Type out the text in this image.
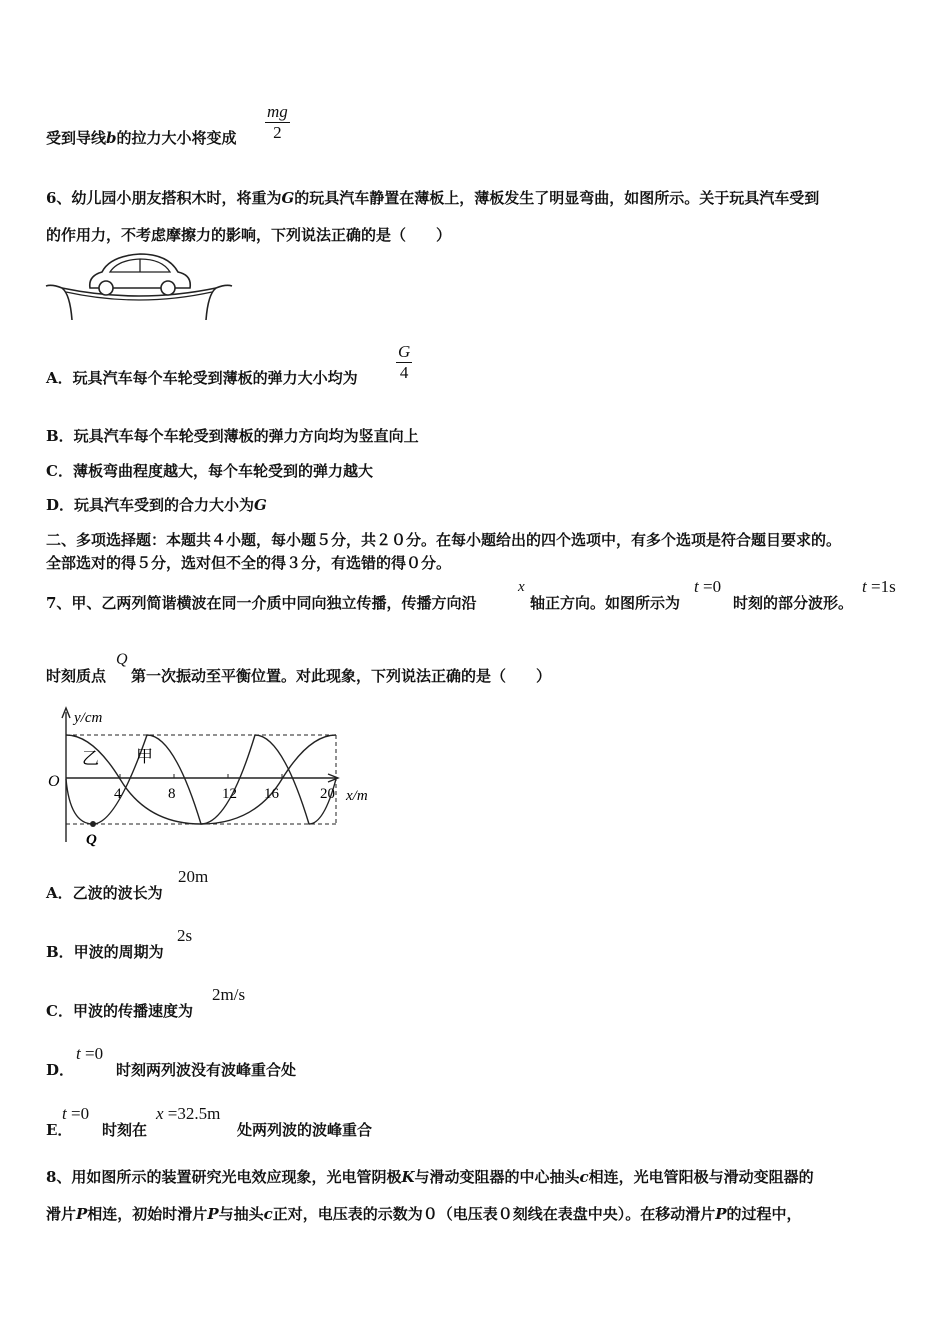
受到导线b的拉力大小将变成 $\frac{mg}{2}$
6、幼儿园小朋友搭积木时，将重为G的玩具汽车静置在薄板上，薄板发生了明显弯曲，如图所示。关于玩具汽车受到
的作用力，不考虑摩擦力的影响，下列说法正确的是（　　）
A．玩具汽车每个车轮受到薄板的弹力大小均为 $\frac{G}{4}$
B．玩具汽车每个车轮受到薄板的弹力方向均为竖直向上
C．薄板弯曲程度越大，每个车轮受到的弹力越大
D．玩具汽车受到的合力大小为G
二、多项选择题：本题共４小题，每小题５分，共２０分。在每小题给出的四个选项中，有多个选项是符合题目要求的。
全部选对的得５分，选对但不全的得３分，有选错的得０分。
7、甲、乙两列简谐横波在同一介质中同向独立传播，传播方向沿
x
轴正方向。如图所示为
t =0
时刻的部分波形。
t =1s
时刻质点
Q
第一次振动至平衡位置。对此现象，下列说法正确的是（　　）
y/cm
O
乙 甲
Q
4	8	12 16	20 x/m
A．乙波的波长为
20m
B．甲波的周期为
2s
C．甲波的传播速度为
2m/s
D．
t =0
时刻两列波没有波峰重合处
E．
t =0
时刻在
x =32.5m
处两列波的波峰重合
8、用如图所示的装置研究光电效应现象，光电管阴极K与滑动变阻器的中心抽头c相连，光电管阳极与滑动变阻器的
滑片P相连，初始时滑片P与抽头c正对，电压表的示数为０（电压表０刻线在表盘中央）。在移动滑片P的过程中，
